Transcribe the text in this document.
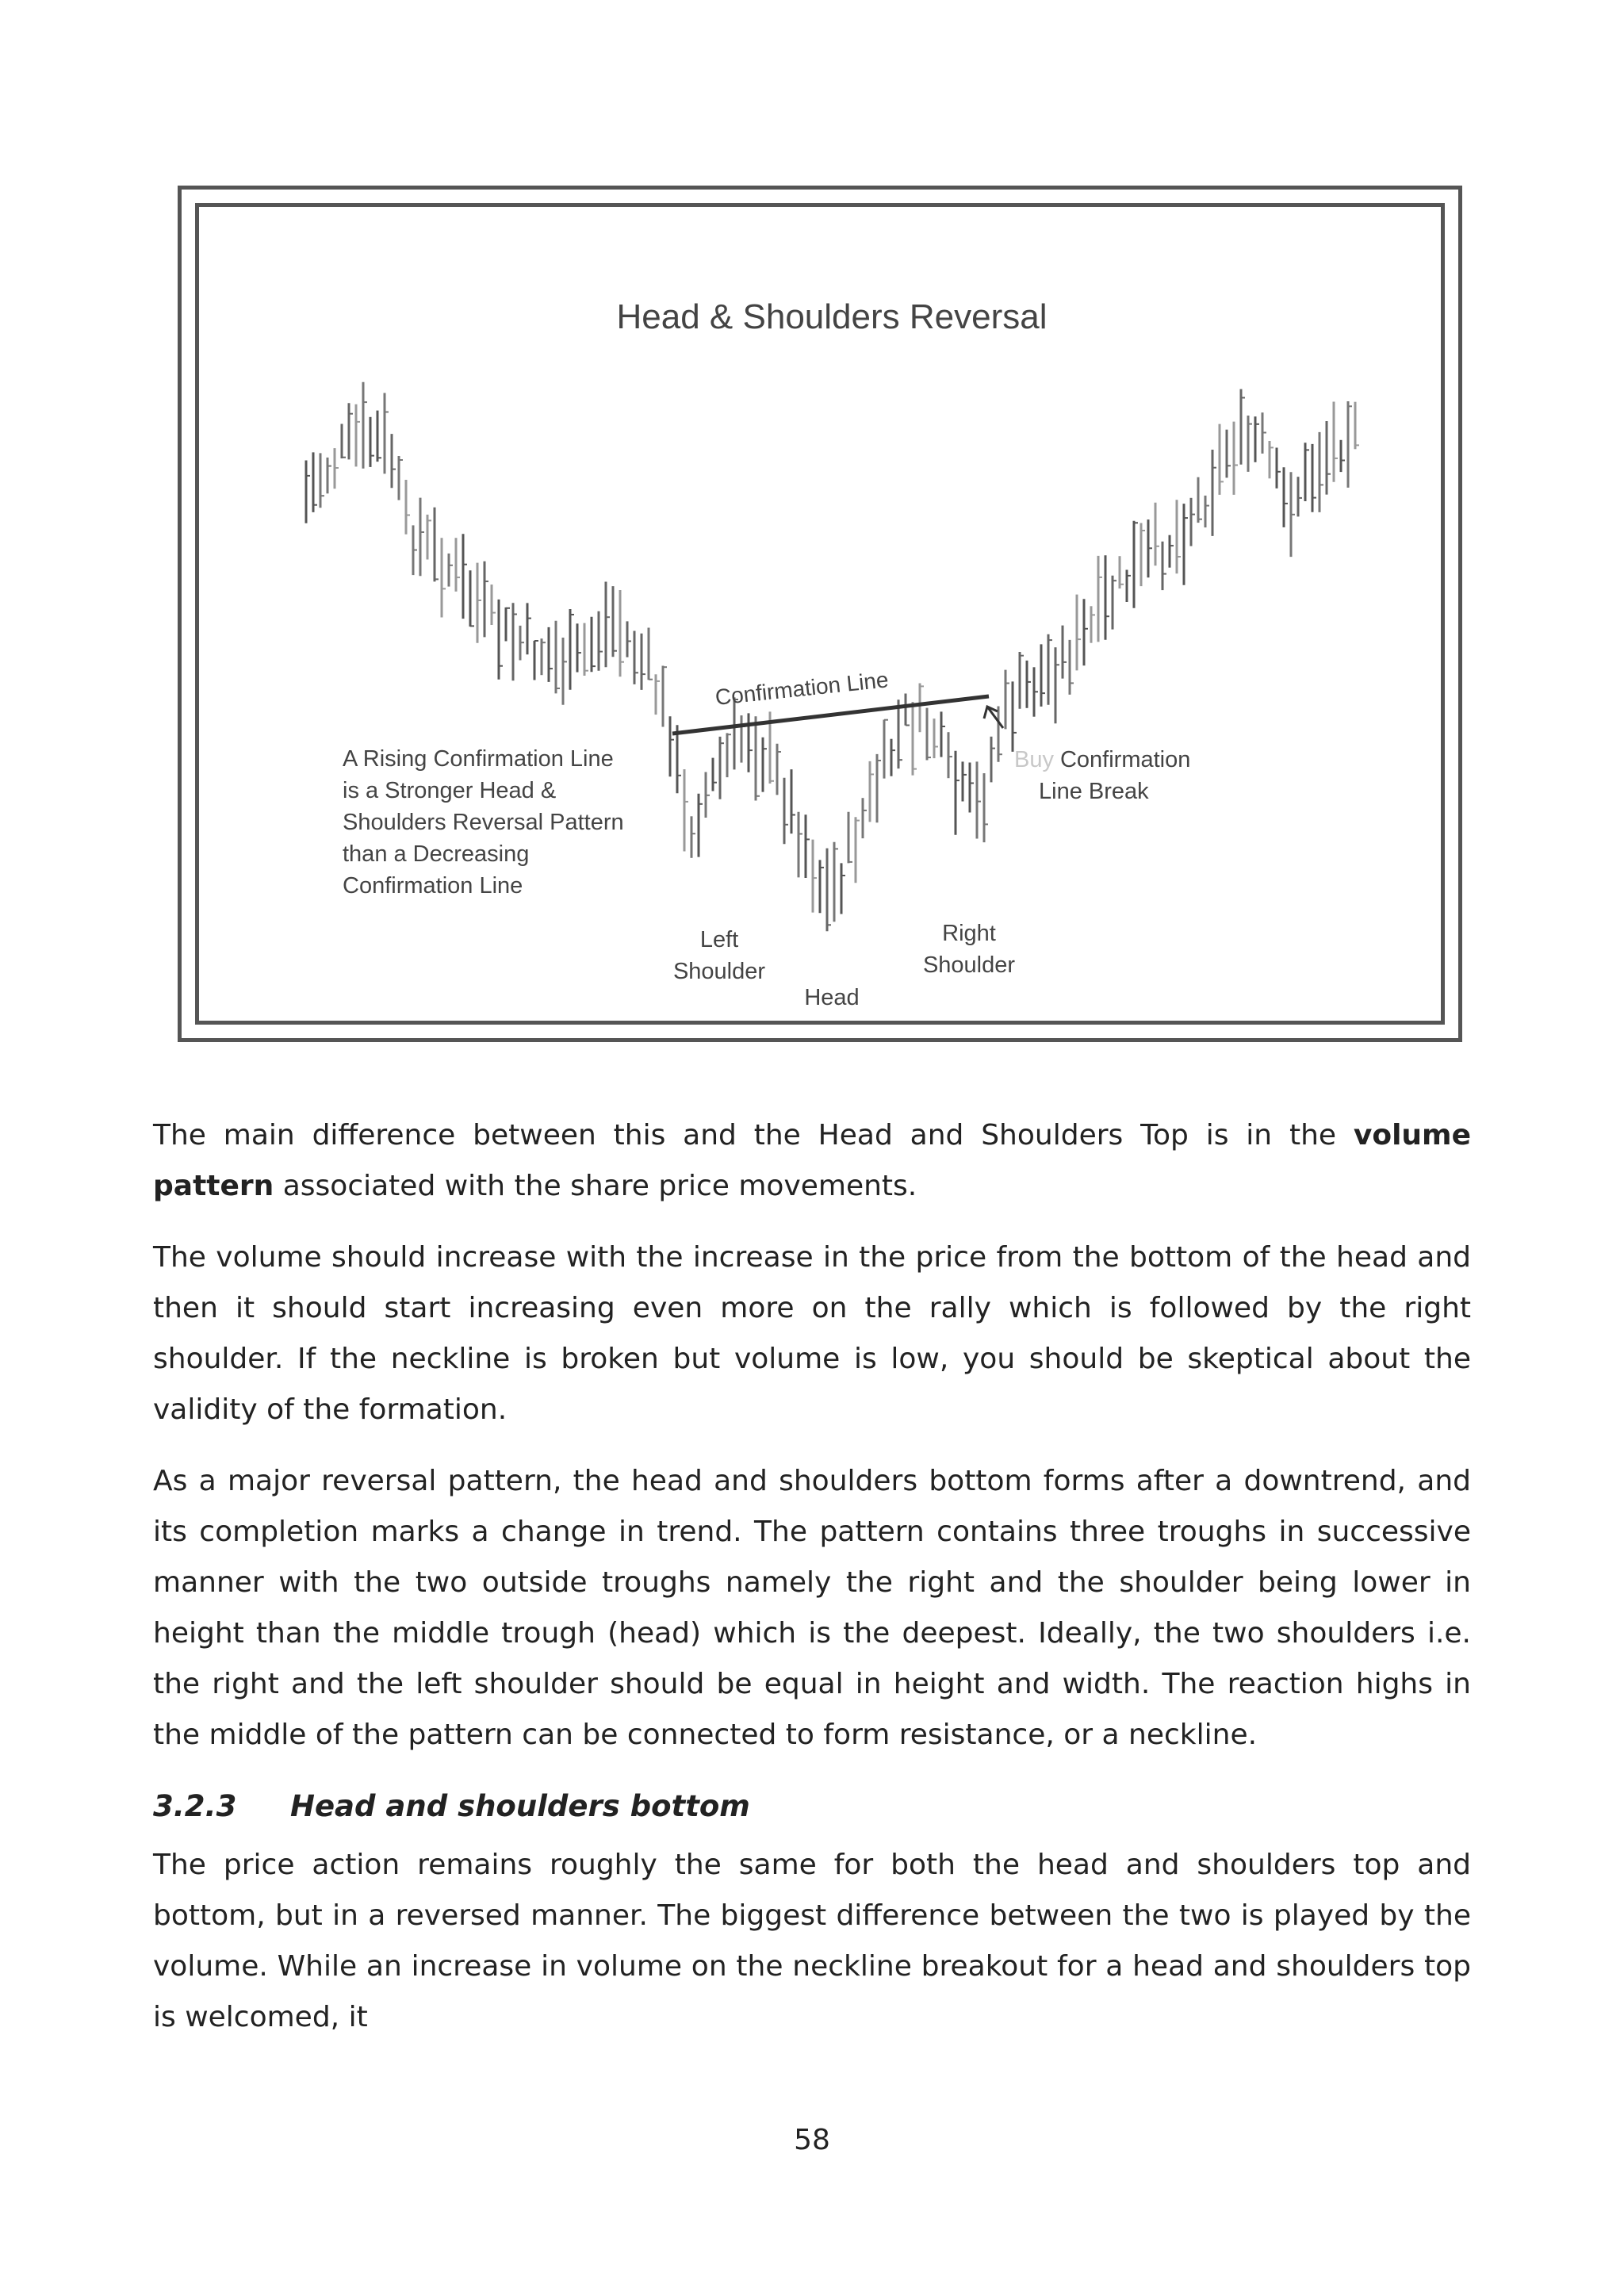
Head & Shoulders Reversal
Confirmation Line
A Rising Confirmation Line
is a Stronger Head &
Shoulders Reversal Pattern
than a Decreasing
Confirmation Line
Buy Confirmation
Line Break
Left
Shoulder
Head
Right
Shoulder

The main difference between this and the Head and Shoulders Top is in the volume pattern associated with the share price movements.

The volume should increase with the increase in the price from the bottom of the head and then it should start increasing even more on the rally which is followed by the right shoulder. If the neckline is broken but volume is low, you should be skeptical about the validity of the formation.

As a major reversal pattern, the head and shoulders bottom forms after a downtrend, and its completion marks a change in trend. The pattern contains three troughs in successive manner with the two outside troughs namely the right and the shoulder being lower in height than the middle trough (head) which is the deepest. Ideally, the two shoulders i.e. the right and the left shoulder should be equal in height and width. The reaction highs in the middle of the pattern can be connected to form resistance, or a neckline.

3.2.3 Head and shoulders bottom

The price action remains roughly the same for both the head and shoulders top and bottom, but in a reversed manner. The biggest difference between the two is played by the volume. While an increase in volume on the neckline breakout for a head and shoulders top is welcomed, it

58
